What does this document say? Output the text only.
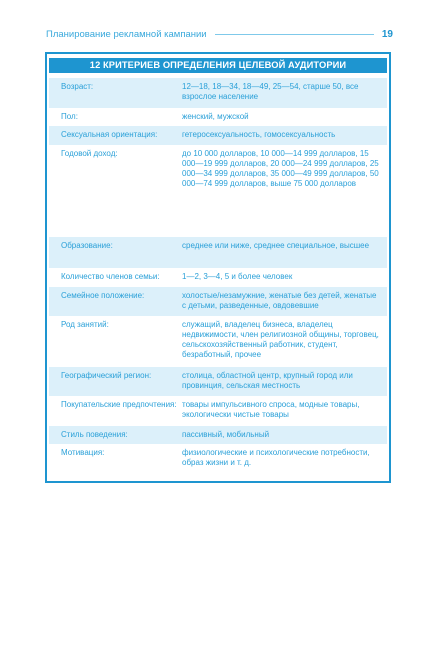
Планирование рекламной кампании	19
12 КРИТЕРИЕВ ОПРЕДЕЛЕНИЯ ЦЕЛЕВОЙ АУДИТОРИИ
Возраст:	12—18, 18—34, 18—49, 25—54, старше 50, все взрослое население
Пол:	женский, мужской
Сексуальная ориентация:	гетеросексуальность, гомосексуальность
Годовой доход:	до 10 000 долларов, 10 000—14 999 долларов, 15 000—19 999 долларов, 20 000—24 999 долларов, 25 000—34 999 долларов, 35 000—49 999 долларов, 50 000—74 999 долларов, выше 75 000 долларов
Образование:	среднее или ниже, среднее специальное, высшее
Количество членов семьи:	1—2, 3—4, 5 и более человек
Семейное положение:	холостые/незамужние, женатые без детей, женатые с детьми, разведенные, овдовевшие
Род занятий:	служащий, владелец бизнеса, владелец недвижимости, член религиозной общины, торговец, сельскохозяйственный работник, студент, безработный, прочее
Географический регион:	столица, областной центр, крупный город или провинция, сельская местность
Покупательские предпочтения: товары импульсивного спроса, модные товары, экологически чистые товары
Стиль поведения:	пассивный, мобильный
Мотивация:	физиологические и психологические потребности, образ жизни и т. д.
